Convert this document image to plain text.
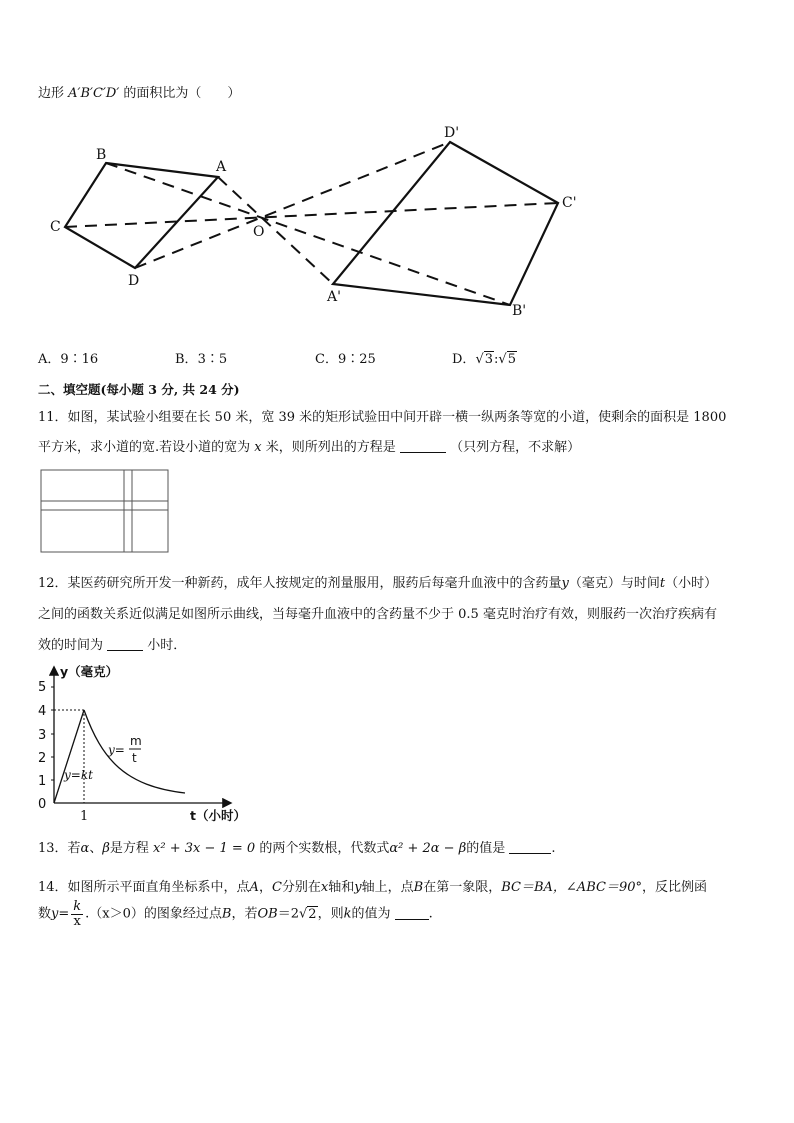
边形 A′B′C′D′ 的面积比为（　　）
B
A
C
D
O
D'
C'
A'
B'
A．9∶16	B．3∶5	C．9∶25	D．√3:√5
二、填空题(每小题 3 分, 共 24 分)
11．如图，某试验小组要在长 50 米，宽 39 米的矩形试验田中间开辟一横一纵两条等宽的小道，使剩余的面积是 1800
平方米，求小道的宽.若设小道的宽为 x 米，则所列出的方程是	（只列方程，不求解）
12．某医药研究所开发一种新药，成年人按规定的剂量服用，服药后每毫升血液中的含药量y（毫克）与时间t（小时）
之间的函数关系近似满足如图所示曲线，当每毫升血液中的含药量不少于 0.5 毫克时治疗有效，则服药一次治疗疾病有
效的时间为	小时．
0
1
2
3
4
5
1
y（毫克）
t（小时）
y=kt
y=
m
t
13．若α、β是方程 x² + 3x − 1 = 0 的两个实数根，代数式α² + 2α − β的值是	.
14．如图所示平面直角坐标系中，点A，C分别在x轴和y轴上，点B在第一象限，BC＝BA，∠ABC＝90°，反比例函
数$y= \frac{k}{x} .(x>0)$的图象经过点B，若OB＝2√2，则k的值为	.
